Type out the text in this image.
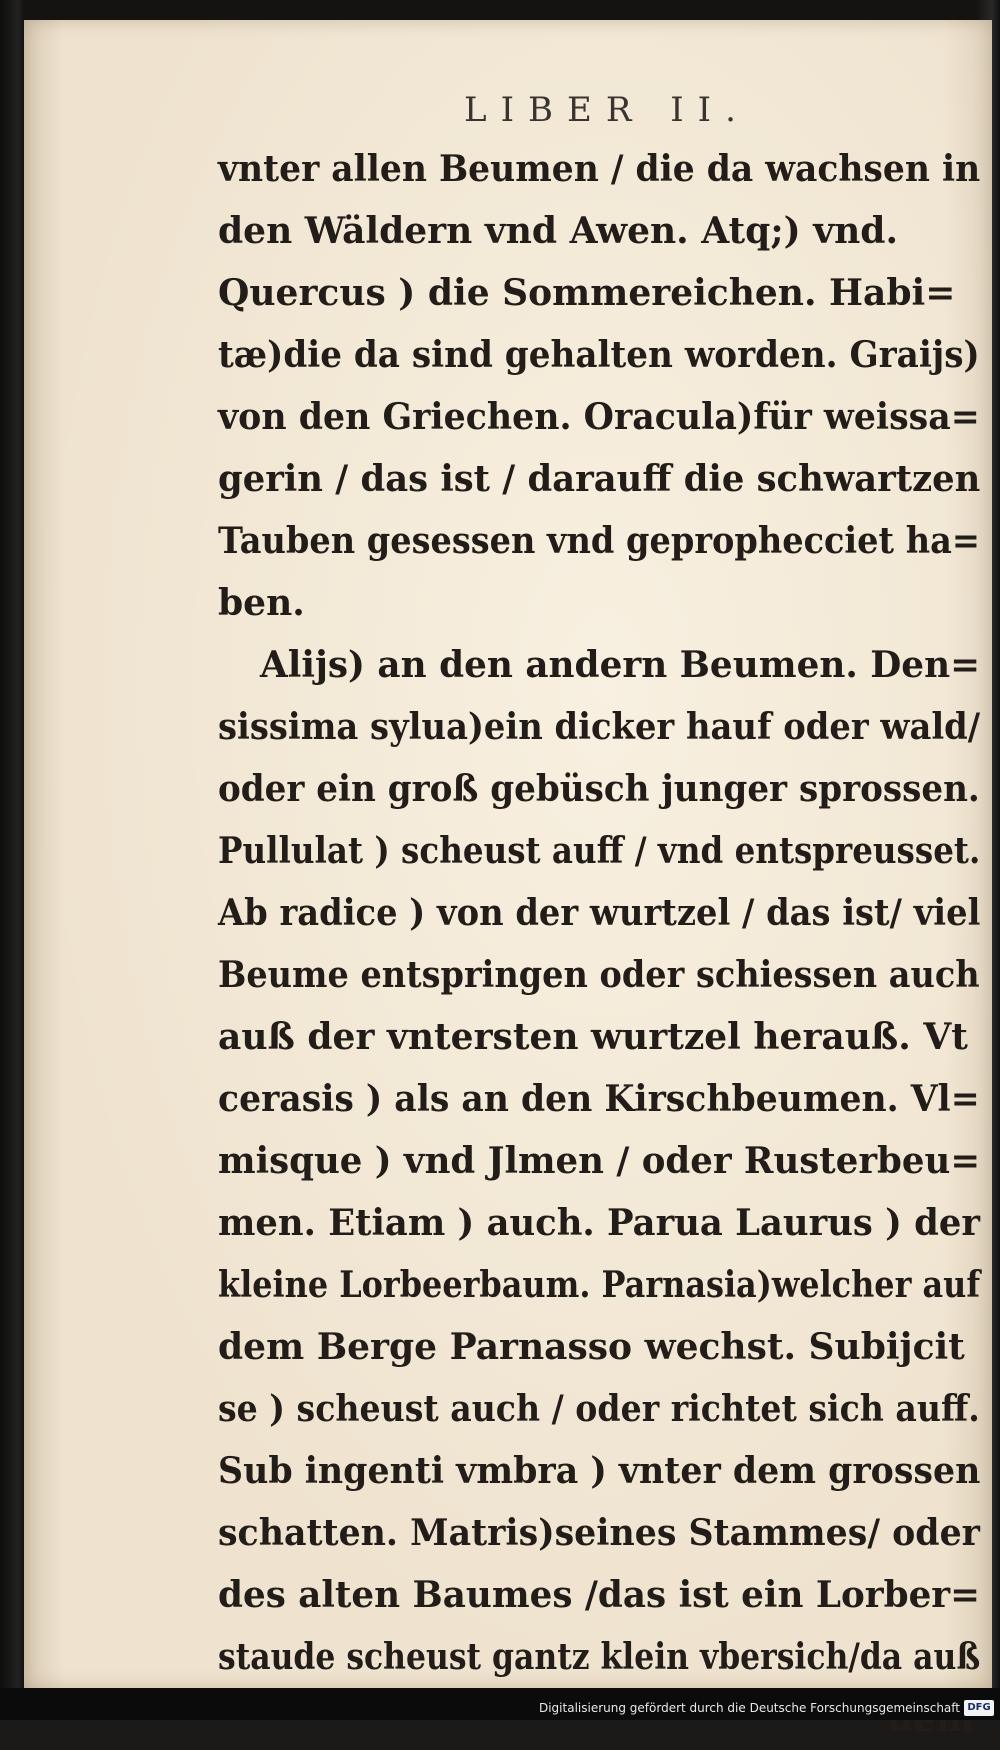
LIBER II.
vnter allen Beumen / die da wachsen in
den Wäldern vnd Awen. Atq;) vnd.
Quercus ) die Sommereichen. Habi=
tæ)die da sind gehalten worden. Graijs)
von den Griechen. Oracula)für weissa=
gerin / das ist / darauff die schwartzen
Tauben gesessen vnd geprophecciet ha=
ben.
Alijs) an den andern Beumen. Den=
sissima sylua)ein dicker hauf oder wald/
oder ein groß gebüsch junger sprossen.
Pullulat ) scheust auff / vnd entspreusset.
Ab radice ) von der wurtzel / das ist/ viel
Beume entspringen oder schiessen auch
auß der vntersten wurtzel herauß. Vt
cerasis ) als an den Kirschbeumen. Vl=
misque ) vnd Jlmen / oder Rusterbeu=
men. Etiam ) auch. Parua Laurus ) der
kleine Lorbeerbaum. Parnasia)welcher auf
dem Berge Parnasso wechst. Subijcit
se ) scheust auch / oder richtet sich auff.
Sub ingenti vmbra ) vnter dem grossen
schatten. Matris)seines Stammes/ oder
des alten Baumes /das ist ein Lorber=
staude scheust gantz klein vbersich/da auß
Digitalisierung gefördert durch die Deutsche Forschungsgemeinschaft DFG
